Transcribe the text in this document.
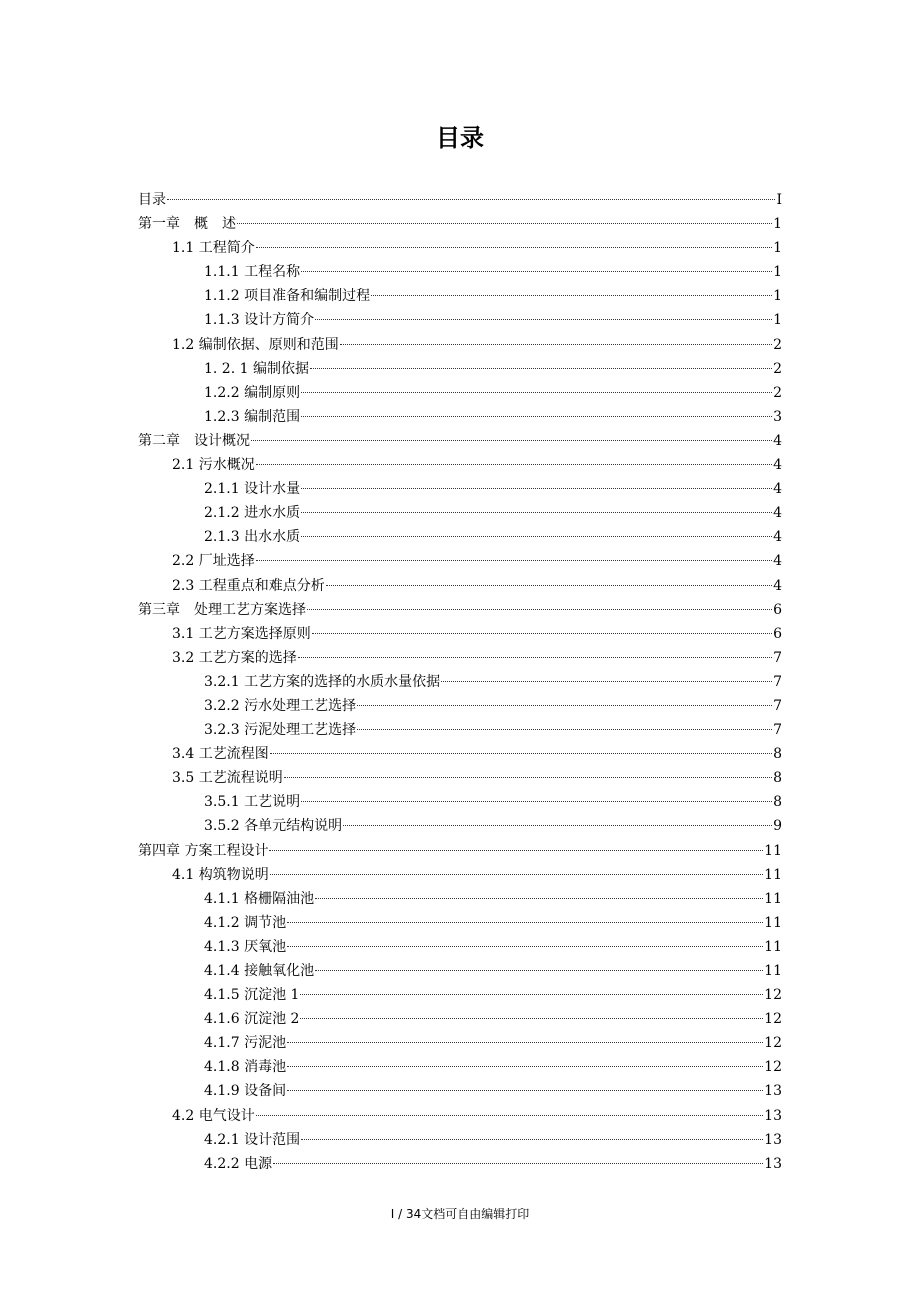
目录
目录	I
第一章　概　述	1
1.1 工程简介	1
1.1.1 工程名称	1
1.1.2 项目准备和编制过程	1
1.1.3 设计方简介	1
1.2 编制依据、原则和范围	2
1. 2. 1 编制依据	2
1.2.2 编制原则	2
1.2.3 编制范围	3
第二章　设计概况	4
2.1 污水概况	4
2.1.1 设计水量	4
2.1.2 进水水质	4
2.1.3 出水水质	4
2.2 厂址选择	4
2.3 工程重点和难点分析	4
第三章　处理工艺方案选择	6
3.1 工艺方案选择原则	6
3.2 工艺方案的选择	7
3.2.1 工艺方案的选择的水质水量依据	7
3.2.2 污水处理工艺选择	7
3.2.3 污泥处理工艺选择	7
3.4 工艺流程图	8
3.5 工艺流程说明	8
3.5.1 工艺说明	8
3.5.2 各单元结构说明	9
第四章 方案工程设计	11
4.1 构筑物说明	11
4.1.1 格栅隔油池	11
4.1.2 调节池	11
4.1.3 厌氧池	11
4.1.4 接触氧化池	11
4.1.5 沉淀池 1	12
4.1.6 沉淀池 2	12
4.1.7 污泥池	12
4.1.8 消毒池	12
4.1.9 设备间	13
4.2 电气设计	13
4.2.1 设计范围	13
4.2.2 电源	13
I / 34文档可自由编辑打印
